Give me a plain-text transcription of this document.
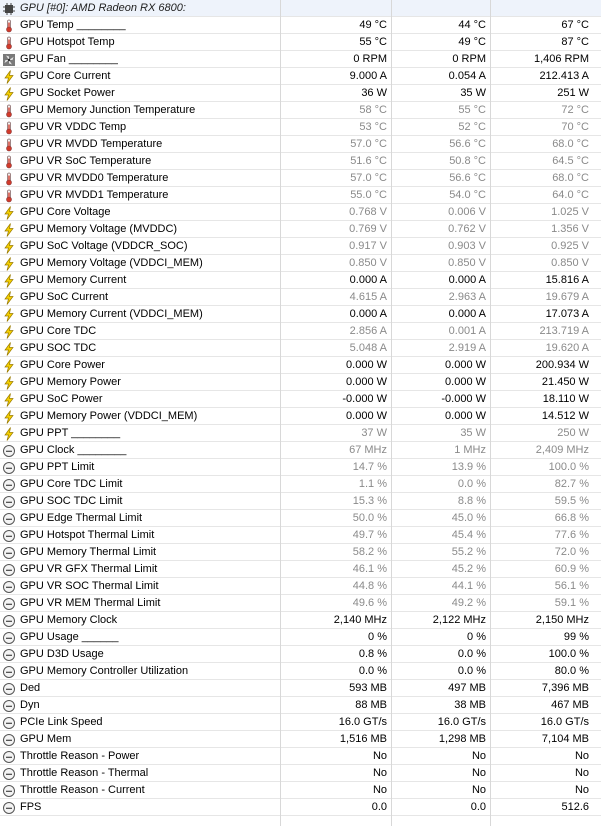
GPU [#0]: AMD Radeon RX 6800:
GPU Temp ________	49 °C	44 °C	67 °C
GPU Hotspot Temp	55 °C	49 °C	87 °C
GPU Fan ________	0 RPM	0 RPM	1,406 RPM
GPU Core Current	9.000 A	0.054 A	212.413 A
GPU Socket Power	36 W	35 W	251 W
GPU Memory Junction Temperature	58 °C	55 °C	72 °C
GPU VR VDDC Temp	53 °C	52 °C	70 °C
GPU VR MVDD Temperature	57.0 °C	56.6 °C	68.0 °C
GPU VR SoC Temperature	51.6 °C	50.8 °C	64.5 °C
GPU VR MVDD0 Temperature	57.0 °C	56.6 °C	68.0 °C
GPU VR MVDD1 Temperature	55.0 °C	54.0 °C	64.0 °C
GPU Core Voltage	0.768 V	0.006 V	1.025 V
GPU Memory Voltage (MVDDC)	0.769 V	0.762 V	1.356 V
GPU SoC Voltage (VDDCR_SOC)	0.917 V	0.903 V	0.925 V
GPU Memory Voltage (VDDCI_MEM)	0.850 V	0.850 V	0.850 V
GPU Memory Current	0.000 A	0.000 A	15.816 A
GPU SoC Current	4.615 A	2.963 A	19.679 A
GPU Memory Current (VDDCI_MEM)	0.000 A	0.000 A	17.073 A
GPU Core TDC	2.856 A	0.001 A	213.719 A
GPU SOC TDC	5.048 A	2.919 A	19.620 A
GPU Core Power	0.000 W	0.000 W	200.934 W
GPU Memory Power	0.000 W	0.000 W	21.450 W
GPU SoC Power	-0.000 W	-0.000 W	18.110 W
GPU Memory Power (VDDCI_MEM)	0.000 W	0.000 W	14.512 W
GPU PPT ________	37 W	35 W	250 W
GPU Clock ________	67 MHz	1 MHz	2,409 MHz
GPU PPT Limit	14.7 %	13.9 %	100.0 %
GPU Core TDC Limit	1.1 %	0.0 %	82.7 %
GPU SOC TDC Limit	15.3 %	8.8 %	59.5 %
GPU Edge Thermal Limit	50.0 %	45.0 %	66.8 %
GPU Hotspot Thermal Limit	49.7 %	45.4 %	77.6 %
GPU Memory Thermal Limit	58.2 %	55.2 %	72.0 %
GPU VR GFX Thermal Limit	46.1 %	45.2 %	60.9 %
GPU VR SOC Thermal Limit	44.8 %	44.1 %	56.1 %
GPU VR MEM Thermal Limit	49.6 %	49.2 %	59.1 %
GPU Memory Clock	2,140 MHz	2,122 MHz	2,150 MHz
GPU Usage ______	0 %	0 %	99 %
GPU D3D Usage	0.8 %	0.0 %	100.0 %
GPU Memory Controller Utilization	0.0 %	0.0 %	80.0 %
Ded	593 MB	497 MB	7,396 MB
Dyn	88 MB	38 MB	467 MB
PCIe Link Speed	16.0 GT/s	16.0 GT/s	16.0 GT/s
GPU Mem	1,516 MB	1,298 MB	7,104 MB
Throttle Reason - Power	No	No	No
Throttle Reason - Thermal	No	No	No
Throttle Reason - Current	No	No	No
FPS	0.0	0.0	512.6
